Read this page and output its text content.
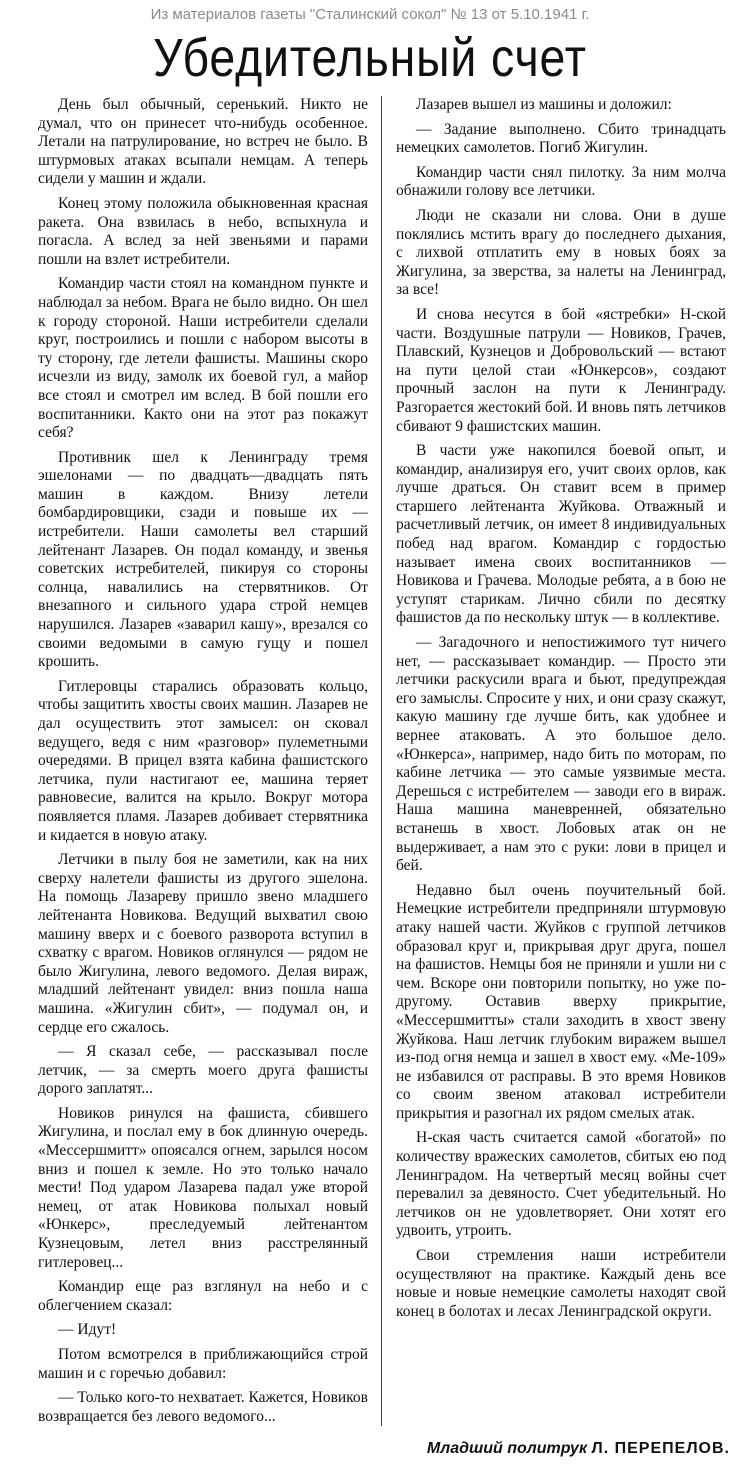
Из материалов газеты "Сталинский сокол" № 13 от 5.10.1941 г.
Убедительный счет

День был обычный, серенький. Никто не думал, что он принесет что-нибудь особенное. Летали на патрулирование, но встреч не было. В штурмовых атаках всыпали немцам. А теперь сидели у машин и ждали.

Конец этому положила обыкновенная красная ракета. Она взвилась в небо, вспыхнула и погасла. А вслед за ней звеньями и парами пошли на взлет истребители.

Командир части стоял на командном пункте и наблюдал за небом. Врага не было видно. Он шел к городу стороной. Наши истребители сделали круг, построились и пошли с набором высоты в ту сторону, где летели фашисты. Машины скоро исчезли из виду, замолк их боевой гул, а майор все стоял и смотрел им вслед. В бой пошли его воспитанники. Както они на этот раз покажут себя?

Противник шел к Ленинграду тремя эшелонами — по двадцать—двадцать пять машин в каждом. Внизу летели бомбардировщики, сзади и повыше их — истребители. Наши самолеты вел старший лейтенант Лазарев. Он подал команду, и звенья советских истребителей, пикируя со стороны солнца, навалились на стервятников. От внезапного и сильного удара строй немцев нарушился. Лазарев «заварил кашу», врезался со своими ведомыми в самую гущу и пошел крошить.

Гитлеровцы старались образовать кольцо, чтобы защитить хвосты своих машин. Лазарев не дал осуществить этот замысел: он сковал ведущего, ведя с ним «разговор» пулеметными очередями. В прицел взята кабина фашистского летчика, пули настигают ее, машина теряет равновесие, валится на крыло. Вокруг мотора появляется пламя. Лазарев добивает стервятника и кидается в новую атаку.

Летчики в пылу боя не заметили, как на них сверху налетели фашисты из другого эшелона. На помощь Лазареву пришло звено младшего лейтенанта Новикова. Ведущий выхватил свою машину вверх и с боевого разворота вступил в схватку с врагом. Новиков оглянулся — рядом не было Жигулина, левого ведомого. Делая вираж, младший лейтенант увидел: вниз пошла наша машина. «Жигулин сбит», — подумал он, и сердце его сжалось.

— Я сказал себе, — рассказывал после летчик, — за смерть моего друга фашисты дорого заплатят...

Новиков ринулся на фашиста, сбившего Жигулина, и послал ему в бок длинную очередь. «Мессершмитт» опоясался огнем, зарылся носом вниз и пошел к земле. Но это только начало мести! Под ударом Лазарева падал уже второй немец, от атак Новикова полыхал новый «Юнкерс», преследуемый лейтенантом Кузнецовым, летел вниз расстрелянный гитлеровец...

Командир еще раз взглянул на небо и с облегчением сказал:

— Идут!

Потом всмотрелся в приближающийся строй машин и с горечью добавил:

— Только кого-то нехватает. Кажется, Новиков возвращается без левого ведомого...

Лазарев вышел из машины и доложил:

— Задание выполнено. Сбито тринадцать немецких самолетов. Погиб Жигулин.

Командир части снял пилотку. За ним молча обнажили голову все летчики.

Люди не сказали ни слова. Они в душе поклялись мстить врагу до последнего дыхания, с лихвой отплатить ему в новых боях за Жигулина, за зверства, за налеты на Ленинград, за все!

И снова несутся в бой «ястребки» Н-ской части. Воздушные патрули — Новиков, Грачев, Плавский, Кузнецов и Добровольский — встают на пути целой стаи «Юнкерсов», создают прочный заслон на пути к Ленинграду. Разгорается жестокий бой. И вновь пять летчиков сбивают 9 фашистских машин.

В части уже накопился боевой опыт, и командир, анализируя его, учит своих орлов, как лучше драться. Он ставит всем в пример старшего лейтенанта Жуйкова. Отважный и расчетливый летчик, он имеет 8 индивидуальных побед над врагом. Командир с гордостью называет имена своих воспитанников — Новикова и Грачева. Молодые ребята, а в бою не уступят старикам. Лично сбили по десятку фашистов да по нескольку штук — в коллективе.

— Загадочного и непостижимого тут ничего нет, — рассказывает командир. — Просто эти летчики раскусили врага и бьют, предупреждая его замыслы. Спросите у них, и они сразу скажут, какую машину где лучше бить, как удобнее и вернее атаковать. А это большое дело. «Юнкерса», например, надо бить по моторам, по кабине летчика — это самые уязвимые места. Дерешься с истребителем — заводи его в вираж. Наша машина маневренней, обязательно встанешь в хвост. Лобовых атак он не выдерживает, а нам это с руки: лови в прицел и бей.

Недавно был очень поучительный бой. Немецкие истребители предприняли штурмовую атаку нашей части. Жуйков с группой летчиков образовал круг и, прикрывая друг друга, пошел на фашистов. Немцы боя не приняли и ушли ни с чем. Вскоре они повторили попытку, но уже по-другому. Оставив вверху прикрытие, «Мессершмитты» стали заходить в хвост звену Жуйкова. Наш летчик глубоким виражем вышел из-под огня немца и зашел в хвост ему. «Ме-109» не избавился от расправы. В это время Новиков со своим звеном атаковал истребители прикрытия и разогнал их рядом смелых атак.

Н-ская часть считается самой «богатой» по количеству вражеских самолетов, сбитых ею под Ленинградом. На четвертый месяц войны счет перевалил за девяносто. Счет убедительный. Но летчиков он не удовлетворяет. Они хотят его удвоить, утроить.

Свои стремления наши истребители осуществляют на практике. Каждый день все новые и новые немецкие самолеты находят свой конец в болотах и лесах Ленинградской округи.

Младший политрук Л. ПЕРЕПЕЛОВ.
